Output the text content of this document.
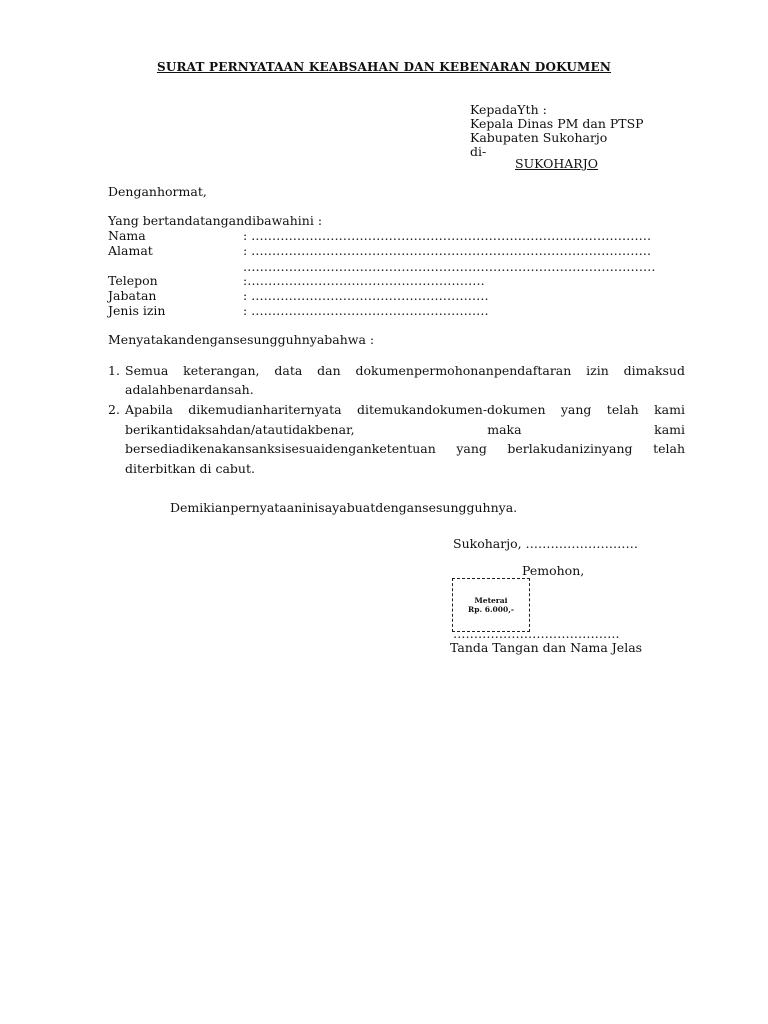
SURAT PERNYATAAN KEABSAHAN DAN KEBENARAN DOKUMEN
KepadaYth :
Kepala Dinas PM dan PTSP
Kabupaten Sukoharjo
di-
SUKOHARJO
Denganhormat,
Yang bertandatangandibawahini :
Nama	: ……………………………………………………………………………………
Alamat	: ……………………………………………………………………………………
………………………………………………………………………………………
Telepon	:…………………………………………………
Jabatan	: …………………………………………………
Jenis izin	: …………………………………………………
Menyatakandengansesungguhnyabahwa :
1. Semua keterangan, data dan dokumenpermohonanpendaftaran izin dimaksud
adalahbenardansah.
2. Apabila dikemudianhariternyata ditemukandokumen-dokumen yang telah kami
berikantidaksahdan/atautidakbenar, maka kami
bersediadikenakansanksisesuaidenganketentuan yang berlakudanizinyang telah
diterbitkan di cabut.
Demikianpernyataaninisayabuatdengansesungguhnya.
Sukoharjo, ………………………
Pemohon,
Meterai
Rp. 6.000,-
………………………………….
Tanda Tangan dan Nama Jelas
